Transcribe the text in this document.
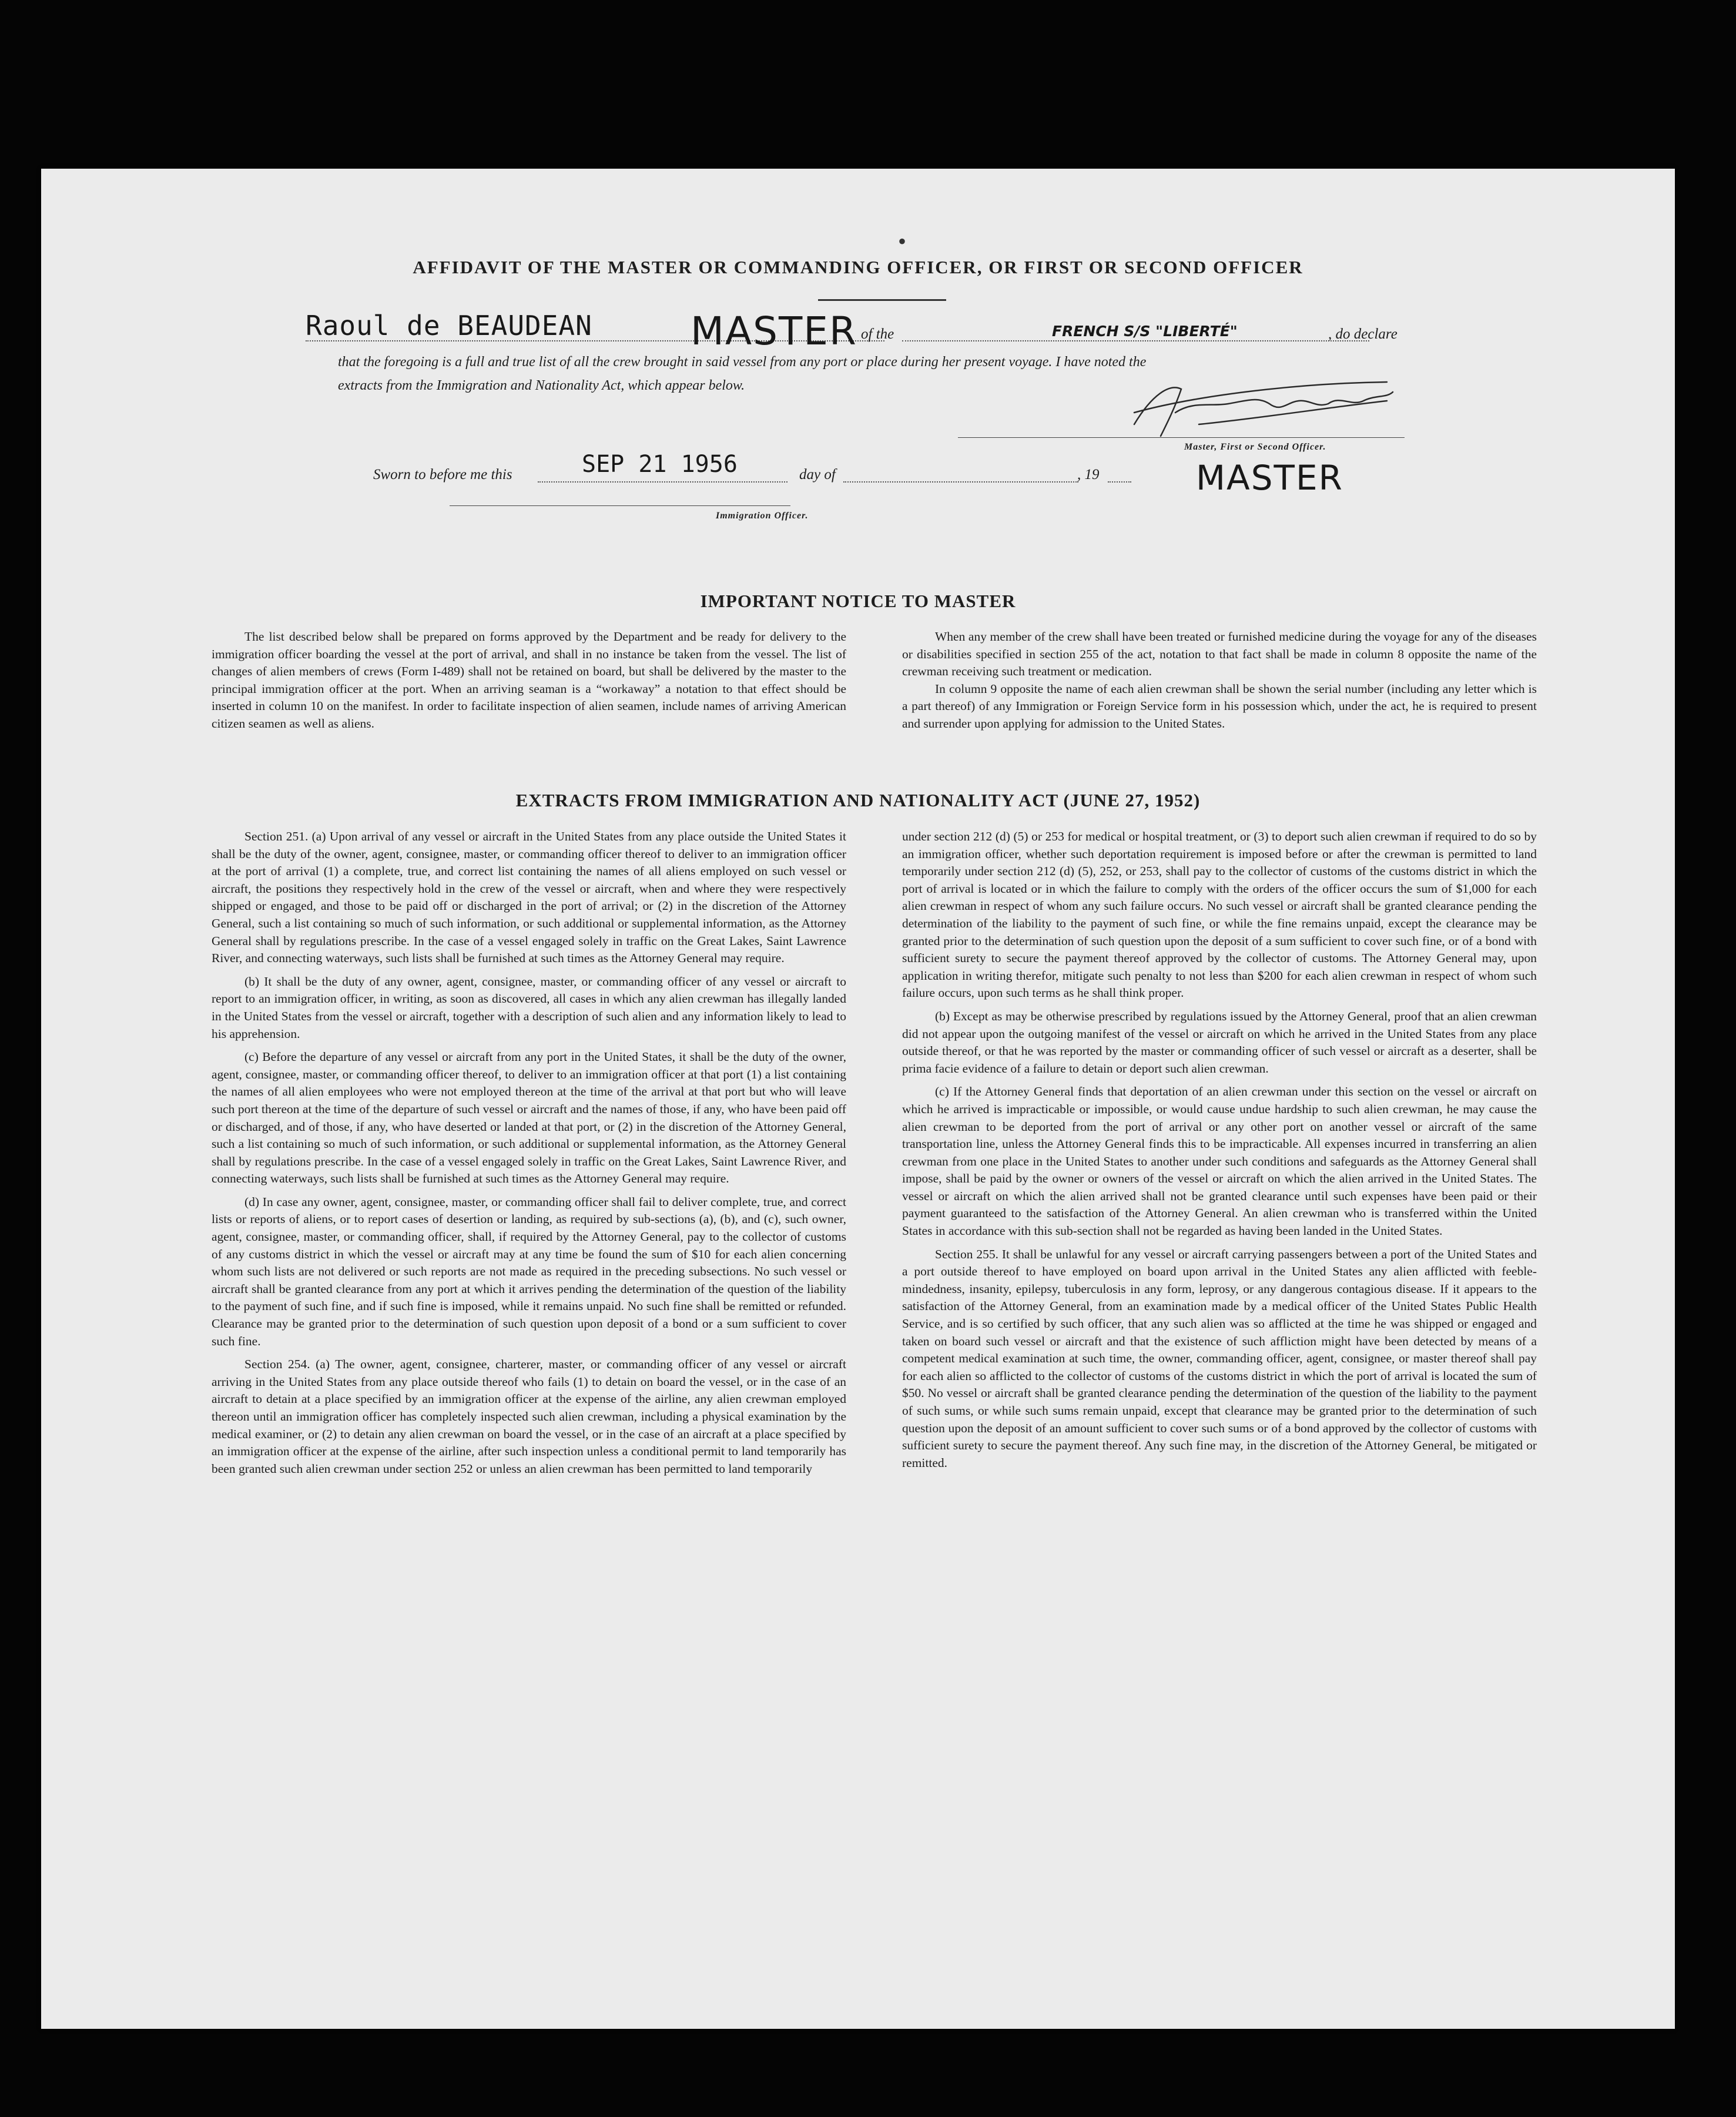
•
AFFIDAVIT OF THE MASTER OR COMMANDING OFFICER, OR FIRST OR SECOND OFFICER
Raoul de BEAUDEAN	MASTER of the	FRENCH S/S "LIBERTÉ"	, do declare
that the foregoing is a full and true list of all the crew brought in said vessel from any port or place during her present voyage. I have noted the
extracts from the Immigration and Nationality Act, which appear below.
Master, First or Second Officer.
Sworn to before me this	SEP 21 1956	day of	, 19	MASTER
Immigration Officer.
IMPORTANT NOTICE TO MASTER

The list described below shall be prepared on forms approved by the Department and be ready for delivery to the immigration officer boarding the vessel at the port of arrival, and shall in no instance be taken from the vessel. The list of changes of alien members of crews (Form I-489) shall not be retained on board, but shall be delivered by the master to the principal immigration officer at the port. When an arriving seaman is a “workaway” a notation to that effect should be inserted in column 10 on the manifest. In order to facilitate inspection of alien seamen, include names of arriving American citizen seamen as well as aliens.

When any member of the crew shall have been treated or furnished medicine during the voyage for any of the diseases or disabilities specified in section 255 of the act, notation to that fact shall be made in column 8 opposite the name of the crewman receiving such treatment or medication.

In column 9 opposite the name of each alien crewman shall be shown the serial number (including any letter which is a part thereof) of any Immigration or Foreign Service form in his possession which, under the act, he is required to present and surrender upon applying for admission to the United States.

EXTRACTS FROM IMMIGRATION AND NATIONALITY ACT (JUNE 27, 1952)

Section 251. (a) Upon arrival of any vessel or aircraft in the United States from any place outside the United States it shall be the duty of the owner, agent, consignee, master, or commanding officer thereof to deliver to an immigration officer at the port of arrival (1) a complete, true, and correct list containing the names of all aliens employed on such vessel or aircraft, the positions they respectively hold in the crew of the vessel or aircraft, when and where they were respectively shipped or engaged, and those to be paid off or discharged in the port of arrival; or (2) in the discretion of the Attorney General, such a list containing so much of such information, or such additional or supplemental information, as the Attorney General shall by regulations prescribe. In the case of a vessel engaged solely in traffic on the Great Lakes, Saint Lawrence River, and connecting waterways, such lists shall be furnished at such times as the Attorney General may require.

(b) It shall be the duty of any owner, agent, consignee, master, or commanding officer of any vessel or aircraft to report to an immigration officer, in writing, as soon as discovered, all cases in which any alien crewman has illegally landed in the United States from the vessel or aircraft, together with a description of such alien and any information likely to lead to his apprehension.

(c) Before the departure of any vessel or aircraft from any port in the United States, it shall be the duty of the owner, agent, consignee, master, or commanding officer thereof, to deliver to an immigration officer at that port (1) a list containing the names of all alien employees who were not employed thereon at the time of the arrival at that port but who will leave such port thereon at the time of the departure of such vessel or aircraft and the names of those, if any, who have been paid off or discharged, and of those, if any, who have deserted or landed at that port, or (2) in the discretion of the Attorney General, such a list containing so much of such information, or such additional or supplemental information, as the Attorney General shall by regulations prescribe. In the case of a vessel engaged solely in traffic on the Great Lakes, Saint Lawrence River, and connecting waterways, such lists shall be furnished at such times as the Attorney General may require.

(d) In case any owner, agent, consignee, master, or commanding officer shall fail to deliver complete, true, and correct lists or reports of aliens, or to report cases of desertion or landing, as required by sub-sections (a), (b), and (c), such owner, agent, consignee, master, or commanding officer, shall, if required by the Attorney General, pay to the collector of customs of any customs district in which the vessel or aircraft may at any time be found the sum of $10 for each alien concerning whom such lists are not delivered or such reports are not made as required in the preceding subsections. No such vessel or aircraft shall be granted clearance from any port at which it arrives pending the determination of the question of the liability to the payment of such fine, and if such fine is imposed, while it remains unpaid. No such fine shall be remitted or refunded. Clearance may be granted prior to the determination of such question upon deposit of a bond or a sum sufficient to cover such fine.

Section 254. (a) The owner, agent, consignee, charterer, master, or commanding officer of any vessel or aircraft arriving in the United States from any place outside thereof who fails (1) to detain on board the vessel, or in the case of an aircraft to detain at a place specified by an immigration officer at the expense of the airline, any alien crewman employed thereon until an immigration officer has completely inspected such alien crewman, including a physical examination by the medical examiner, or (2) to detain any alien crewman on board the vessel, or in the case of an aircraft at a place specified by an immigration officer at the expense of the airline, after such inspection unless a conditional permit to land temporarily has been granted such alien crewman under section 252 or unless an alien crewman has been permitted to land temporarily

under section 212 (d) (5) or 253 for medical or hospital treatment, or (3) to deport such alien crewman if required to do so by an immigration officer, whether such deportation requirement is imposed before or after the crewman is permitted to land temporarily under section 212 (d) (5), 252, or 253, shall pay to the collector of customs of the customs district in which the port of arrival is located or in which the failure to comply with the orders of the officer occurs the sum of $1,000 for each alien crewman in respect of whom any such failure occurs. No such vessel or aircraft shall be granted clearance pending the determination of the liability to the payment of such fine, or while the fine remains unpaid, except the clearance may be granted prior to the determination of such question upon the deposit of a sum sufficient to cover such fine, or of a bond with sufficient surety to secure the payment thereof approved by the collector of customs. The Attorney General may, upon application in writing therefor, mitigate such penalty to not less than $200 for each alien crewman in respect of whom such failure occurs, upon such terms as he shall think proper.

(b) Except as may be otherwise prescribed by regulations issued by the Attorney General, proof that an alien crewman did not appear upon the outgoing manifest of the vessel or aircraft on which he arrived in the United States from any place outside thereof, or that he was reported by the master or commanding officer of such vessel or aircraft as a deserter, shall be prima facie evidence of a failure to detain or deport such alien crewman.

(c) If the Attorney General finds that deportation of an alien crewman under this section on the vessel or aircraft on which he arrived is impracticable or impossible, or would cause undue hardship to such alien crewman, he may cause the alien crewman to be deported from the port of arrival or any other port on another vessel or aircraft of the same transportation line, unless the Attorney General finds this to be impracticable. All expenses incurred in transferring an alien crewman from one place in the United States to another under such conditions and safeguards as the Attorney General shall impose, shall be paid by the owner or owners of the vessel or aircraft on which the alien arrived in the United States. The vessel or aircraft on which the alien arrived shall not be granted clearance until such expenses have been paid or their payment guaranteed to the satisfaction of the Attorney General. An alien crewman who is transferred within the United States in accordance with this sub-section shall not be regarded as having been landed in the United States.

Section 255. It shall be unlawful for any vessel or aircraft carrying passengers between a port of the United States and a port outside thereof to have employed on board upon arrival in the United States any alien afflicted with feeble-mindedness, insanity, epilepsy, tuberculosis in any form, leprosy, or any dangerous contagious disease. If it appears to the satisfaction of the Attorney General, from an examination made by a medical officer of the United States Public Health Service, and is so certified by such officer, that any such alien was so afflicted at the time he was shipped or engaged and taken on board such vessel or aircraft and that the existence of such affliction might have been detected by means of a competent medical examination at such time, the owner, commanding officer, agent, consignee, or master thereof shall pay for each alien so afflicted to the collector of customs of the customs district in which the port of arrival is located the sum of $50. No vessel or aircraft shall be granted clearance pending the determination of the question of the liability to the payment of such sums, or while such sums remain unpaid, except that clearance may be granted prior to the determination of such question upon the deposit of an amount sufficient to cover such sums or of a bond approved by the collector of customs with sufficient surety to secure the payment thereof. Any such fine may, in the discretion of the Attorney General, be mitigated or remitted.
